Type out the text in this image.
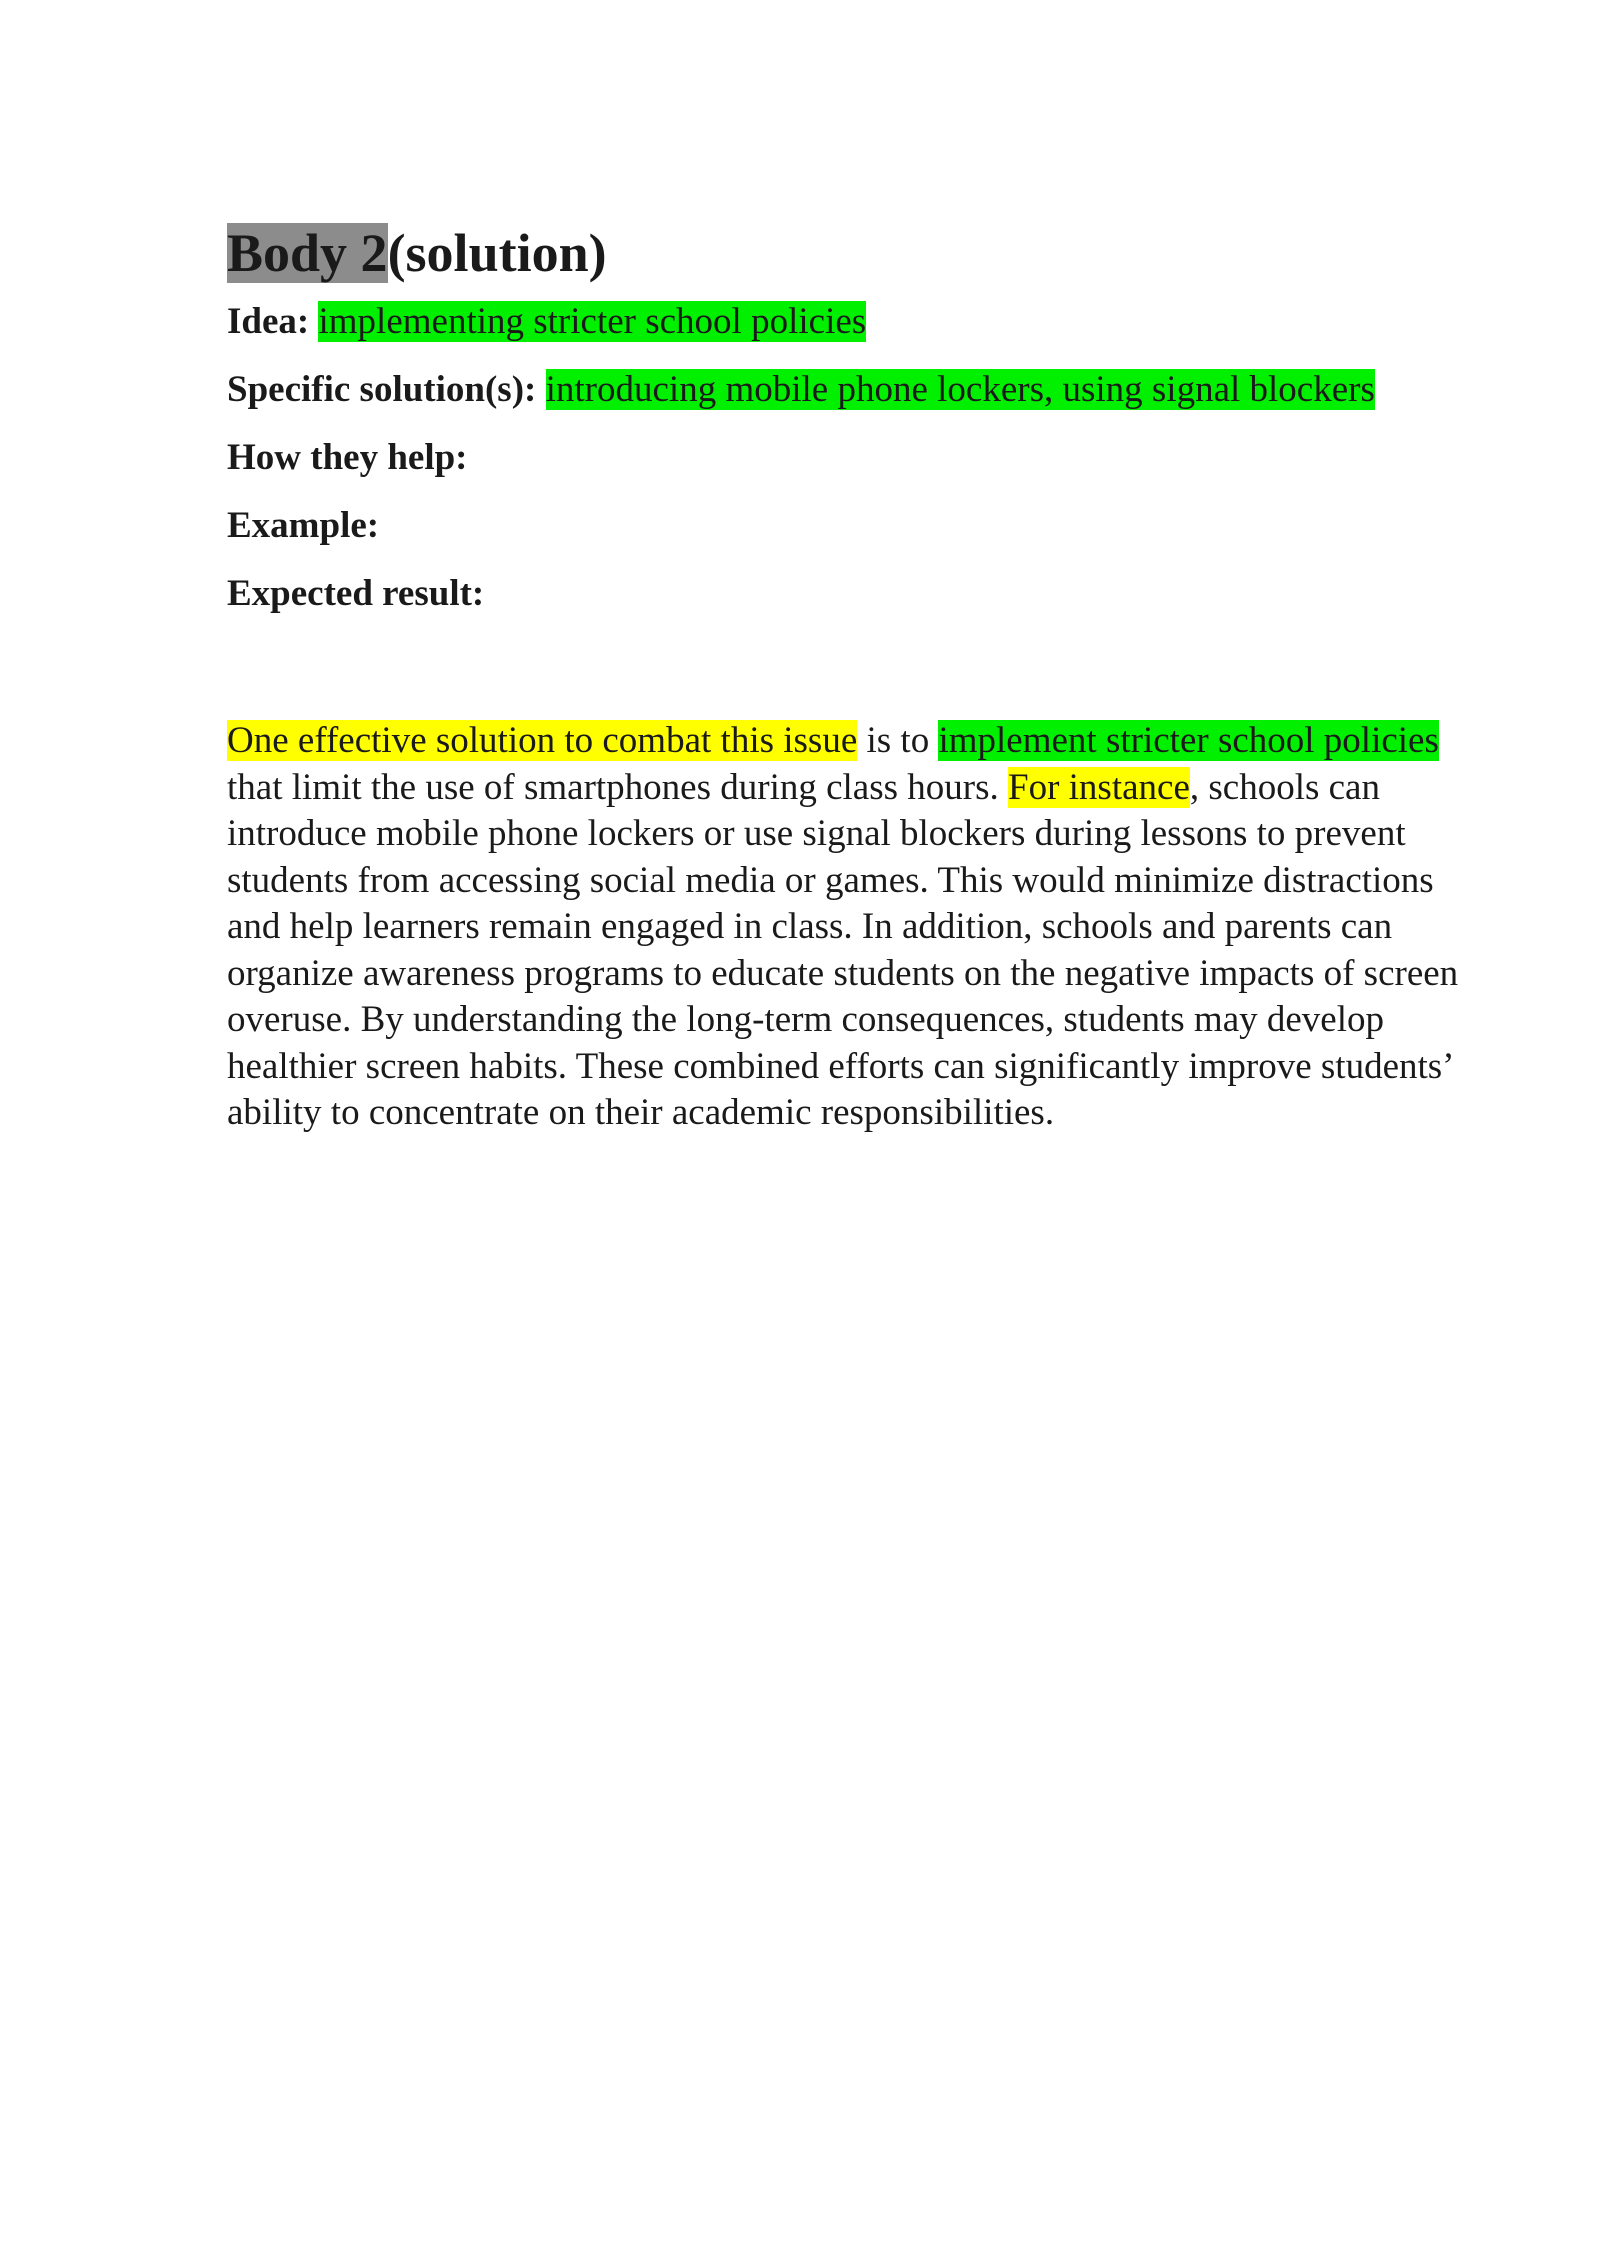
Body 2(solution)
Idea: implementing stricter school policies
Specific solution(s): introducing mobile phone lockers, using signal blockers
How they help:
Example:
Expected result:

One effective solution to combat this issue is to implement stricter school policies that limit the use of smartphones during class hours. For instance, schools can introduce mobile phone lockers or use signal blockers during lessons to prevent students from accessing social media or games. This would minimize distractions and help learners remain engaged in class. In addition, schools and parents can organize awareness programs to educate students on the negative impacts of screen overuse. By understanding the long-term consequences, students may develop healthier screen habits. These combined efforts can significantly improve students’ ability to concentrate on their academic responsibilities.
